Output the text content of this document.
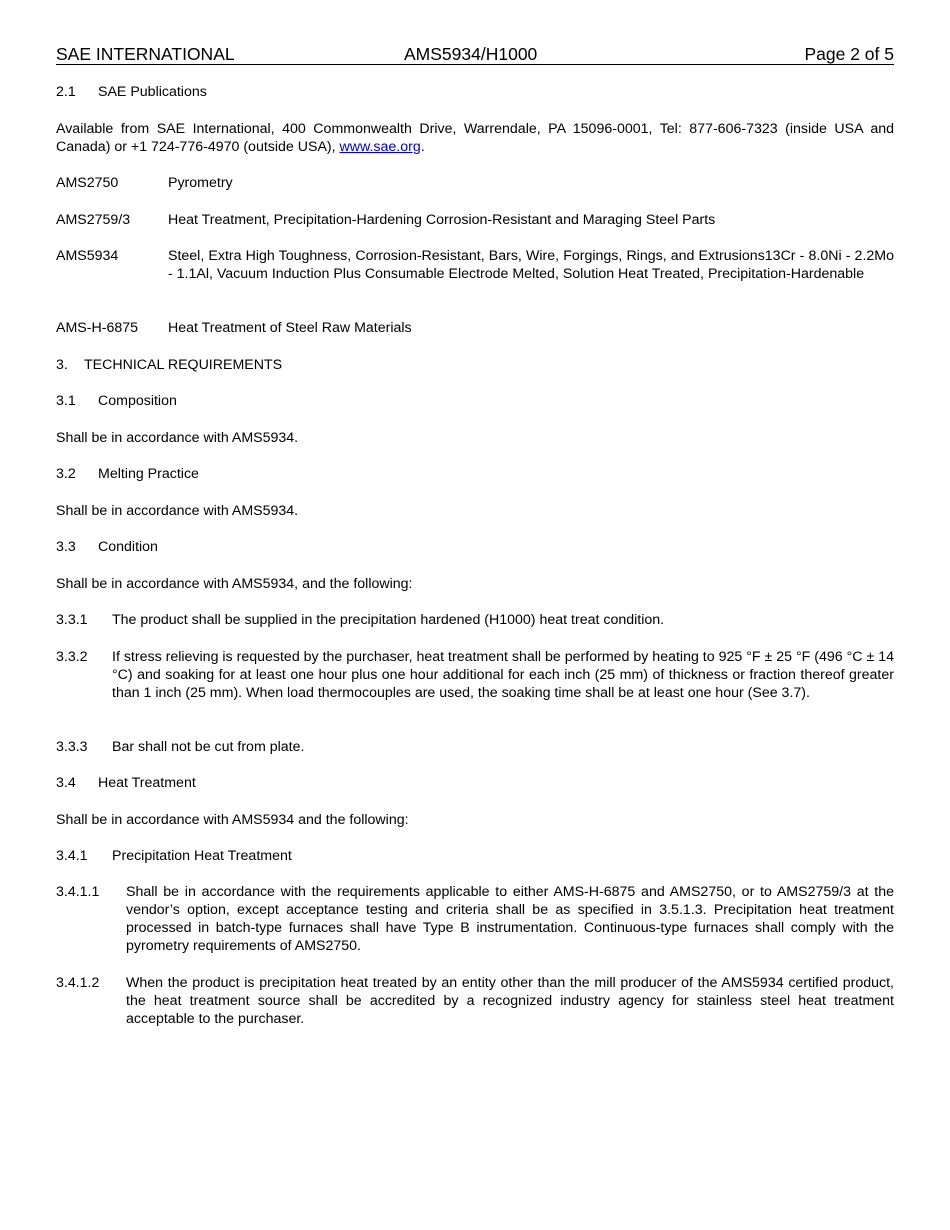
SAE INTERNATIONAL	AMS5934/H1000	Page 2 of 5
2.1 SAE Publications
Available from SAE International, 400 Commonwealth Drive, Warrendale, PA 15096-0001, Tel: 877-606-7323 (inside USA and Canada) or +1 724-776-4970 (outside USA), www.sae.org.
AMS2750	Pyrometry
AMS2759/3	Heat Treatment, Precipitation-Hardening Corrosion-Resistant and Maraging Steel Parts
AMS5934	Steel, Extra High Toughness, Corrosion-Resistant, Bars, Wire, Forgings, Rings, and Extrusions13Cr - 8.0Ni - 2.2Mo - 1.1Al, Vacuum Induction Plus Consumable Electrode Melted, Solution Heat Treated, Precipitation-Hardenable
AMS-H-6875 Heat Treatment of Steel Raw Materials
3. TECHNICAL REQUIREMENTS
3.1 Composition
Shall be in accordance with AMS5934.
3.2 Melting Practice
Shall be in accordance with AMS5934.
3.3 Condition
Shall be in accordance with AMS5934, and the following:
3.3.1 The product shall be supplied in the precipitation hardened (H1000) heat treat condition.
3.3.2 If stress relieving is requested by the purchaser, heat treatment shall be performed by heating to 925 °F ± 25 °F (496 °C ± 14 °C) and soaking for at least one hour plus one hour additional for each inch (25 mm) of thickness or fraction thereof greater than 1 inch (25 mm). When load thermocouples are used, the soaking time shall be at least one hour (See 3.7).
3.3.3 Bar shall not be cut from plate.
3.4 Heat Treatment
Shall be in accordance with AMS5934 and the following:
3.4.1 Precipitation Heat Treatment
3.4.1.1 Shall be in accordance with the requirements applicable to either AMS-H-6875 and AMS2750, or to AMS2759/3 at the vendor’s option, except acceptance testing and criteria shall be as specified in 3.5.1.3. Precipitation heat treatment processed in batch-type furnaces shall have Type B instrumentation. Continuous-type furnaces shall comply with the pyrometry requirements of AMS2750.
3.4.1.2 When the product is precipitation heat treated by an entity other than the mill producer of the AMS5934 certified product, the heat treatment source shall be accredited by a recognized industry agency for stainless steel heat treatment acceptable to the purchaser.
